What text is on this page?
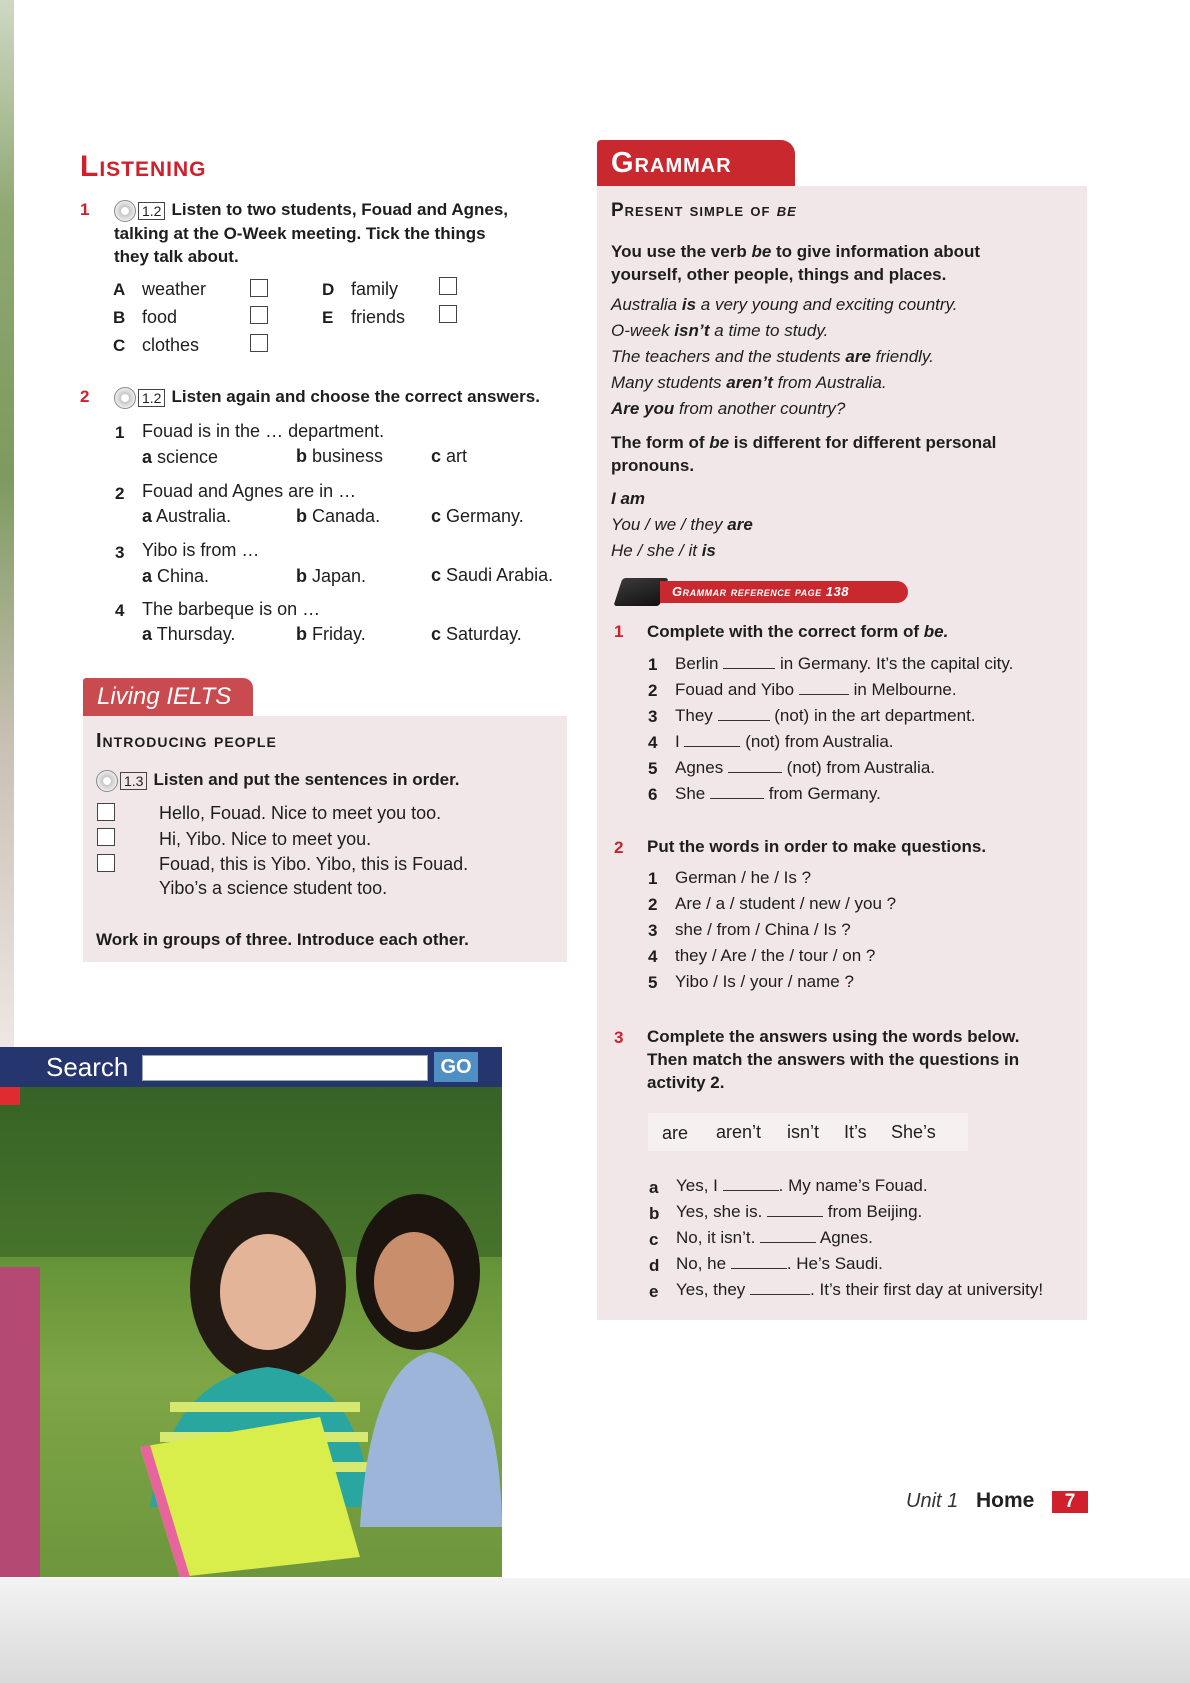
Listening
1	1.2 Listen to two students, Fouad and Agnes,
talking at the O-Week meeting. Tick the things
they talk about.
A weather
B food
C clothes
D family
E friends
2	1.2 Listen again and choose the correct answers.
1 Fouad is in the … department.
a science	b business	c art
2 Fouad and Agnes are in …
a Australia.	b Canada.	c Germany.
3 Yibo is from …
a China.	b Japan.	c Saudi Arabia.
4 The barbeque is on …
a Thursday.	b Friday.	c Saturday.
Living IELTS
Introducing people
1.3 Listen and put the sentences in order.
Hello, Fouad. Nice to meet you too.
Hi, Yibo. Nice to meet you.
Fouad, this is Yibo. Yibo, this is Fouad.
Yibo’s a science student too.
Work in groups of three. Introduce each other.
Search	GO
Grammar
Present simple of be
You use the verb be to give information about
yourself, other people, things and places.
Australia is a very young and exciting country.
O-week isn’t a time to study.
The teachers and the students are friendly.
Many students aren’t from Australia.
Are you from another country?
The form of be is different for different personal
pronouns.
I am
You / we / they are
He / she / it is
Grammar reference page 138
1 Complete with the correct form of be.
1 Berlin	in Germany. It’s the capital city.
2 Fouad and Yibo	in Melbourne.
3 They	(not) in the art department.
4 I	(not) from Australia.
5 Agnes	(not) from Australia.
6 She	from Germany.
2 Put the words in order to make questions.
1 German / he / Is ?
2 Are / a / student / new / you ?
3 she / from / China / Is ?
4 they / Are / the / tour / on ?
5 Yibo / Is / your / name ?
3 Complete the answers using the words below.
Then match the answers with the questions in
activity 2.
are aren’t isn’t It’s She’s
a Yes, I	. My name’s Fouad.
b Yes, she is.	from Beijing.
c No, it isn’t.	Agnes.
d No, he	. He’s Saudi.
e Yes, they	. It’s their first day at university!
Unit 1 Home	7
